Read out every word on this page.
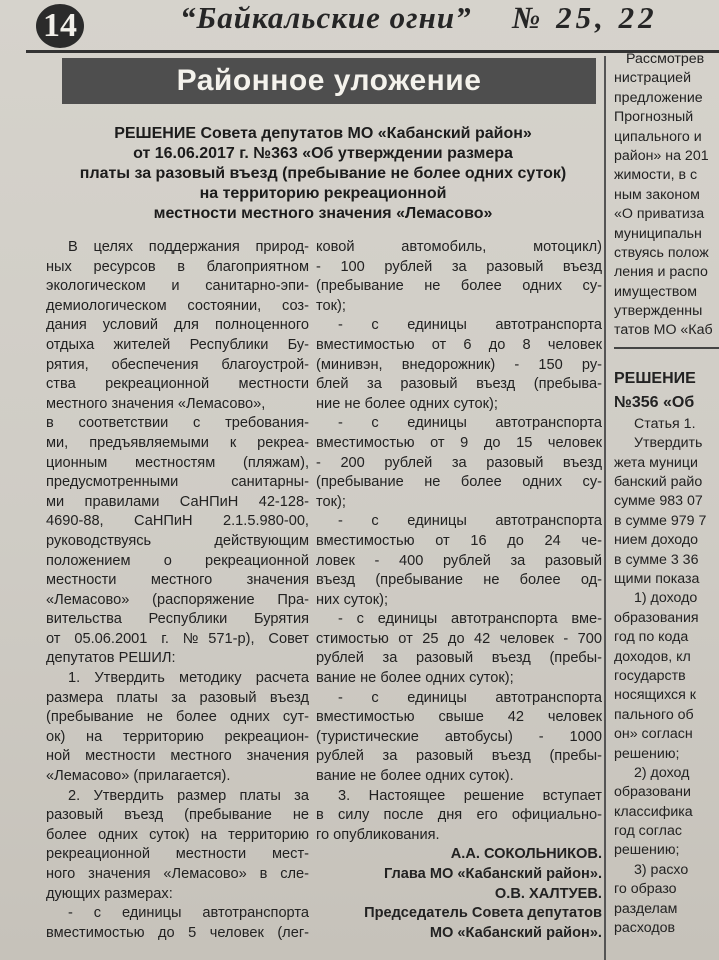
14	“Байкальские огни” № 25, 22
Районное уложение
РЕШЕНИЕ Совета депутатов МО «Кабанский район»
от 16.06.2017 г. №363 «Об утверждении размера
платы за разовый въезд (пребывание не более одних суток)
на территорию рекреационной
местности местного значения «Лемасово»
В целях поддержания природ-
ных ресурсов в благоприятном
экологическом и санитарно-эпи-
демиологическом состоянии, соз-
дания условий для полноценного
отдыха жителей Республики Бу-
рятия, обеспечения благоустрой-
ства рекреационной местности
местного значения «Лемасово»,
в соответствии с требования-
ми, предъявляемыми к рекреа-
ционным местностям (пляжам),
предусмотренными санитарны-
ми правилами СаНПиН 42-128-
4690-88, СаНПиН 2.1.5.980-00,
руководствуясь действующим
положением о рекреационной
местности местного значения
«Лемасово» (распоряжение Пра-
вительства Республики Бурятия
от 05.06.2001 г. №571-р), Совет
депутатов РЕШИЛ:
1. Утвердить методику расчета
размера платы за разовый въезд
(пребывание не более одних сут-
ок) на территорию рекреацион-
ной местности местного значения
«Лемасово» (прилагается).
2. Утвердить размер платы за
разовый въезд (пребывание не
более одних суток) на территорию
рекреационной местности мест-
ного значения «Лемасово» в сле-
дующих размерах:
- с единицы автотранспорта
вместимостью до 5 человек (лег-
ковой автомобиль, мотоцикл)
- 100 рублей за разовый въезд
(пребывание не более одних су-
ток);
- с единицы автотранспорта
вместимостью от 6 до 8 человек
(минивэн, внедорожник) - 150 ру-
блей за разовый въезд (пребыва-
ние не более одних суток);
- с единицы автотранспорта
вместимостью от 9 до 15 человек
- 200 рублей за разовый въезд
(пребывание не более одних су-
ток);
- с единицы автотранспорта
вместимостью от 16 до 24 че-
ловек - 400 рублей за разовый
въезд (пребывание не более од-
них суток);
- с единицы автотранспорта вме-
стимостью от 25 до 42 человек - 700
рублей за разовый въезд (пребы-
вание не более одних суток);
- с единицы автотранспорта
вместимостью свыше 42 человек
(туристические автобусы) - 1000
рублей за разовый въезд (пребы-
вание не более одних суток).
3. Настоящее решение вступает
в силу после дня его официально-
го опубликования.
А.А. СОКОЛЬНИКОВ.
Глава МО «Кабанский район».
О.В. ХАЛТУЕВ.
Председатель Совета депутатов
МО «Кабанский район».
Рассмотрев
нистрацией
предложение
Прогнозный
ципального и
район» на 201
жимости, в с
ным законом
«О приватиза
муниципальн
ствуясь полож
ления и распо
имуществом
утвержденны
татов МО «Каб
РЕШЕНИЕ
№356 «Об
Статья 1.
Утвердить
жета муници
банский райо
сумме 983 07
в сумме 979 7
нием доходо
в сумме 3 36
щими показа
1) доходо
образования
год по кода
доходов, кл
государств
носящихся к
пального об
он» согласн
решению;
2) доход
образовани
классифика
год соглас
решению;
3) расхо
го образо
разделам
расходов
